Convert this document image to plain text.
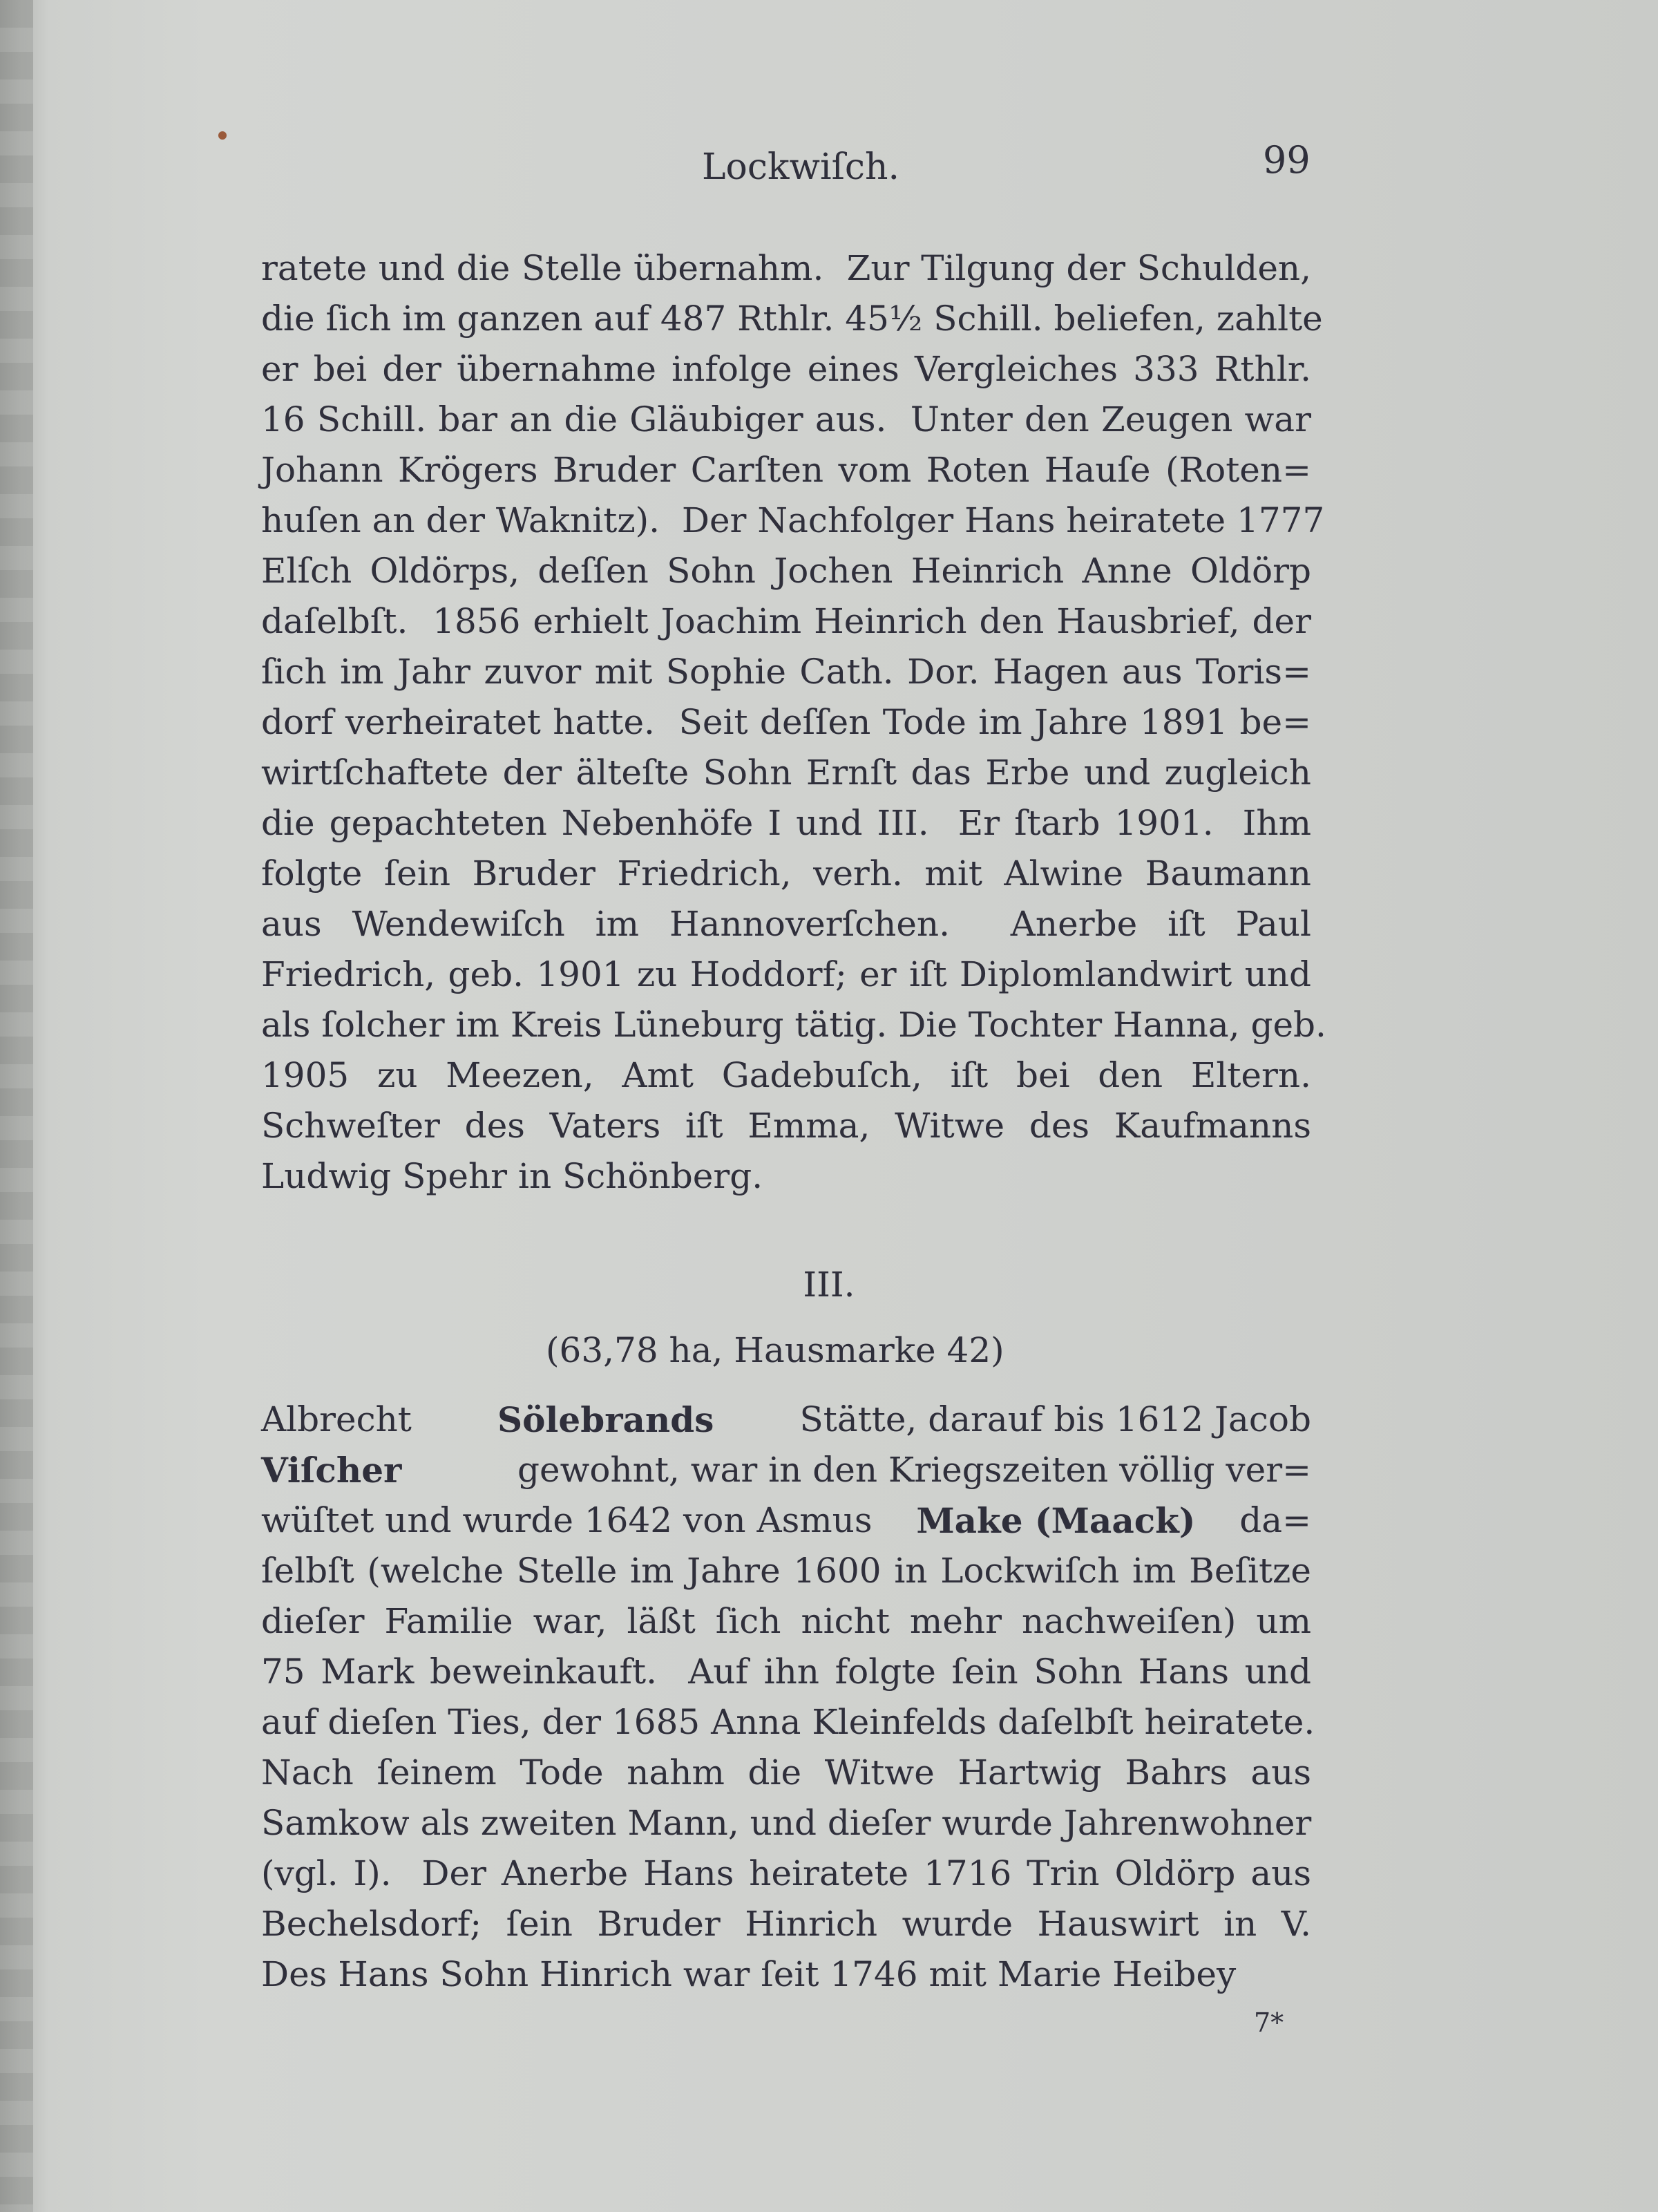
Lockwiſch.	99
ratete und die Stelle übernahm.  Zur Tilgung der Schulden,
die ſich im ganzen auf 487 Rthlr. 45½ Schill. beliefen, zahlte
er bei der übernahme infolge eines Vergleiches 333 Rthlr.
16 Schill. bar an die Gläubiger aus.  Unter den Zeugen war
Johann Krögers Bruder Carſten vom Roten Hauſe (Roten=
huſen an der Waknitz).  Der Nachfolger Hans heiratete 1777
Elſch Oldörps, deſſen Sohn Jochen Heinrich Anne Oldörp
daſelbſt.  1856 erhielt Joachim Heinrich den Hausbrief, der
ſich im Jahr zuvor mit Sophie Cath. Dor. Hagen aus Toris=
dorf verheiratet hatte.  Seit deſſen Tode im Jahre 1891 be=
wirtſchaftete der älteſte Sohn Ernſt das Erbe und zugleich
die gepachteten Nebenhöfe I und III.  Er ſtarb 1901.  Ihm
folgte ſein Bruder Friedrich, verh. mit Alwine Baumann
aus Wendewiſch im Hannoverſchen.  Anerbe iſt Paul
Friedrich, geb. 1901 zu Hoddorf; er iſt Diplomlandwirt und
als ſolcher im Kreis Lüneburg tätig. Die Tochter Hanna, geb.
1905 zu Meezen, Amt Gadebuſch, iſt bei den Eltern.
Schweſter des Vaters iſt Emma, Witwe des Kaufmanns
Ludwig Spehr in Schönberg.
III.
(63,78 ha, Hausmarke 42)
Albrecht Sölebrands Stätte, darauf bis 1612 Jacob
Viſcher	gewohnt, war in den Kriegszeiten völlig ver=
wüſtet und wurde 1642 von Asmus Make (Maack) da=
ſelbſt (welche Stelle im Jahre 1600 in Lockwiſch im Beſitze
dieſer Familie war, läßt ſich nicht mehr nachweiſen) um
75 Mark beweinkauft.  Auf ihn folgte ſein Sohn Hans und
auf dieſen Ties, der 1685 Anna Kleinfelds daſelbſt heiratete.
Nach ſeinem Tode nahm die Witwe Hartwig Bahrs aus
Samkow als zweiten Mann, und dieſer wurde Jahrenwohner
(vgl. I).  Der Anerbe Hans heiratete 1716 Trin Oldörp aus
Bechelsdorf; ſein Bruder Hinrich wurde Hauswirt in V.
Des Hans Sohn Hinrich war ſeit 1746 mit Marie Heibey
7*
